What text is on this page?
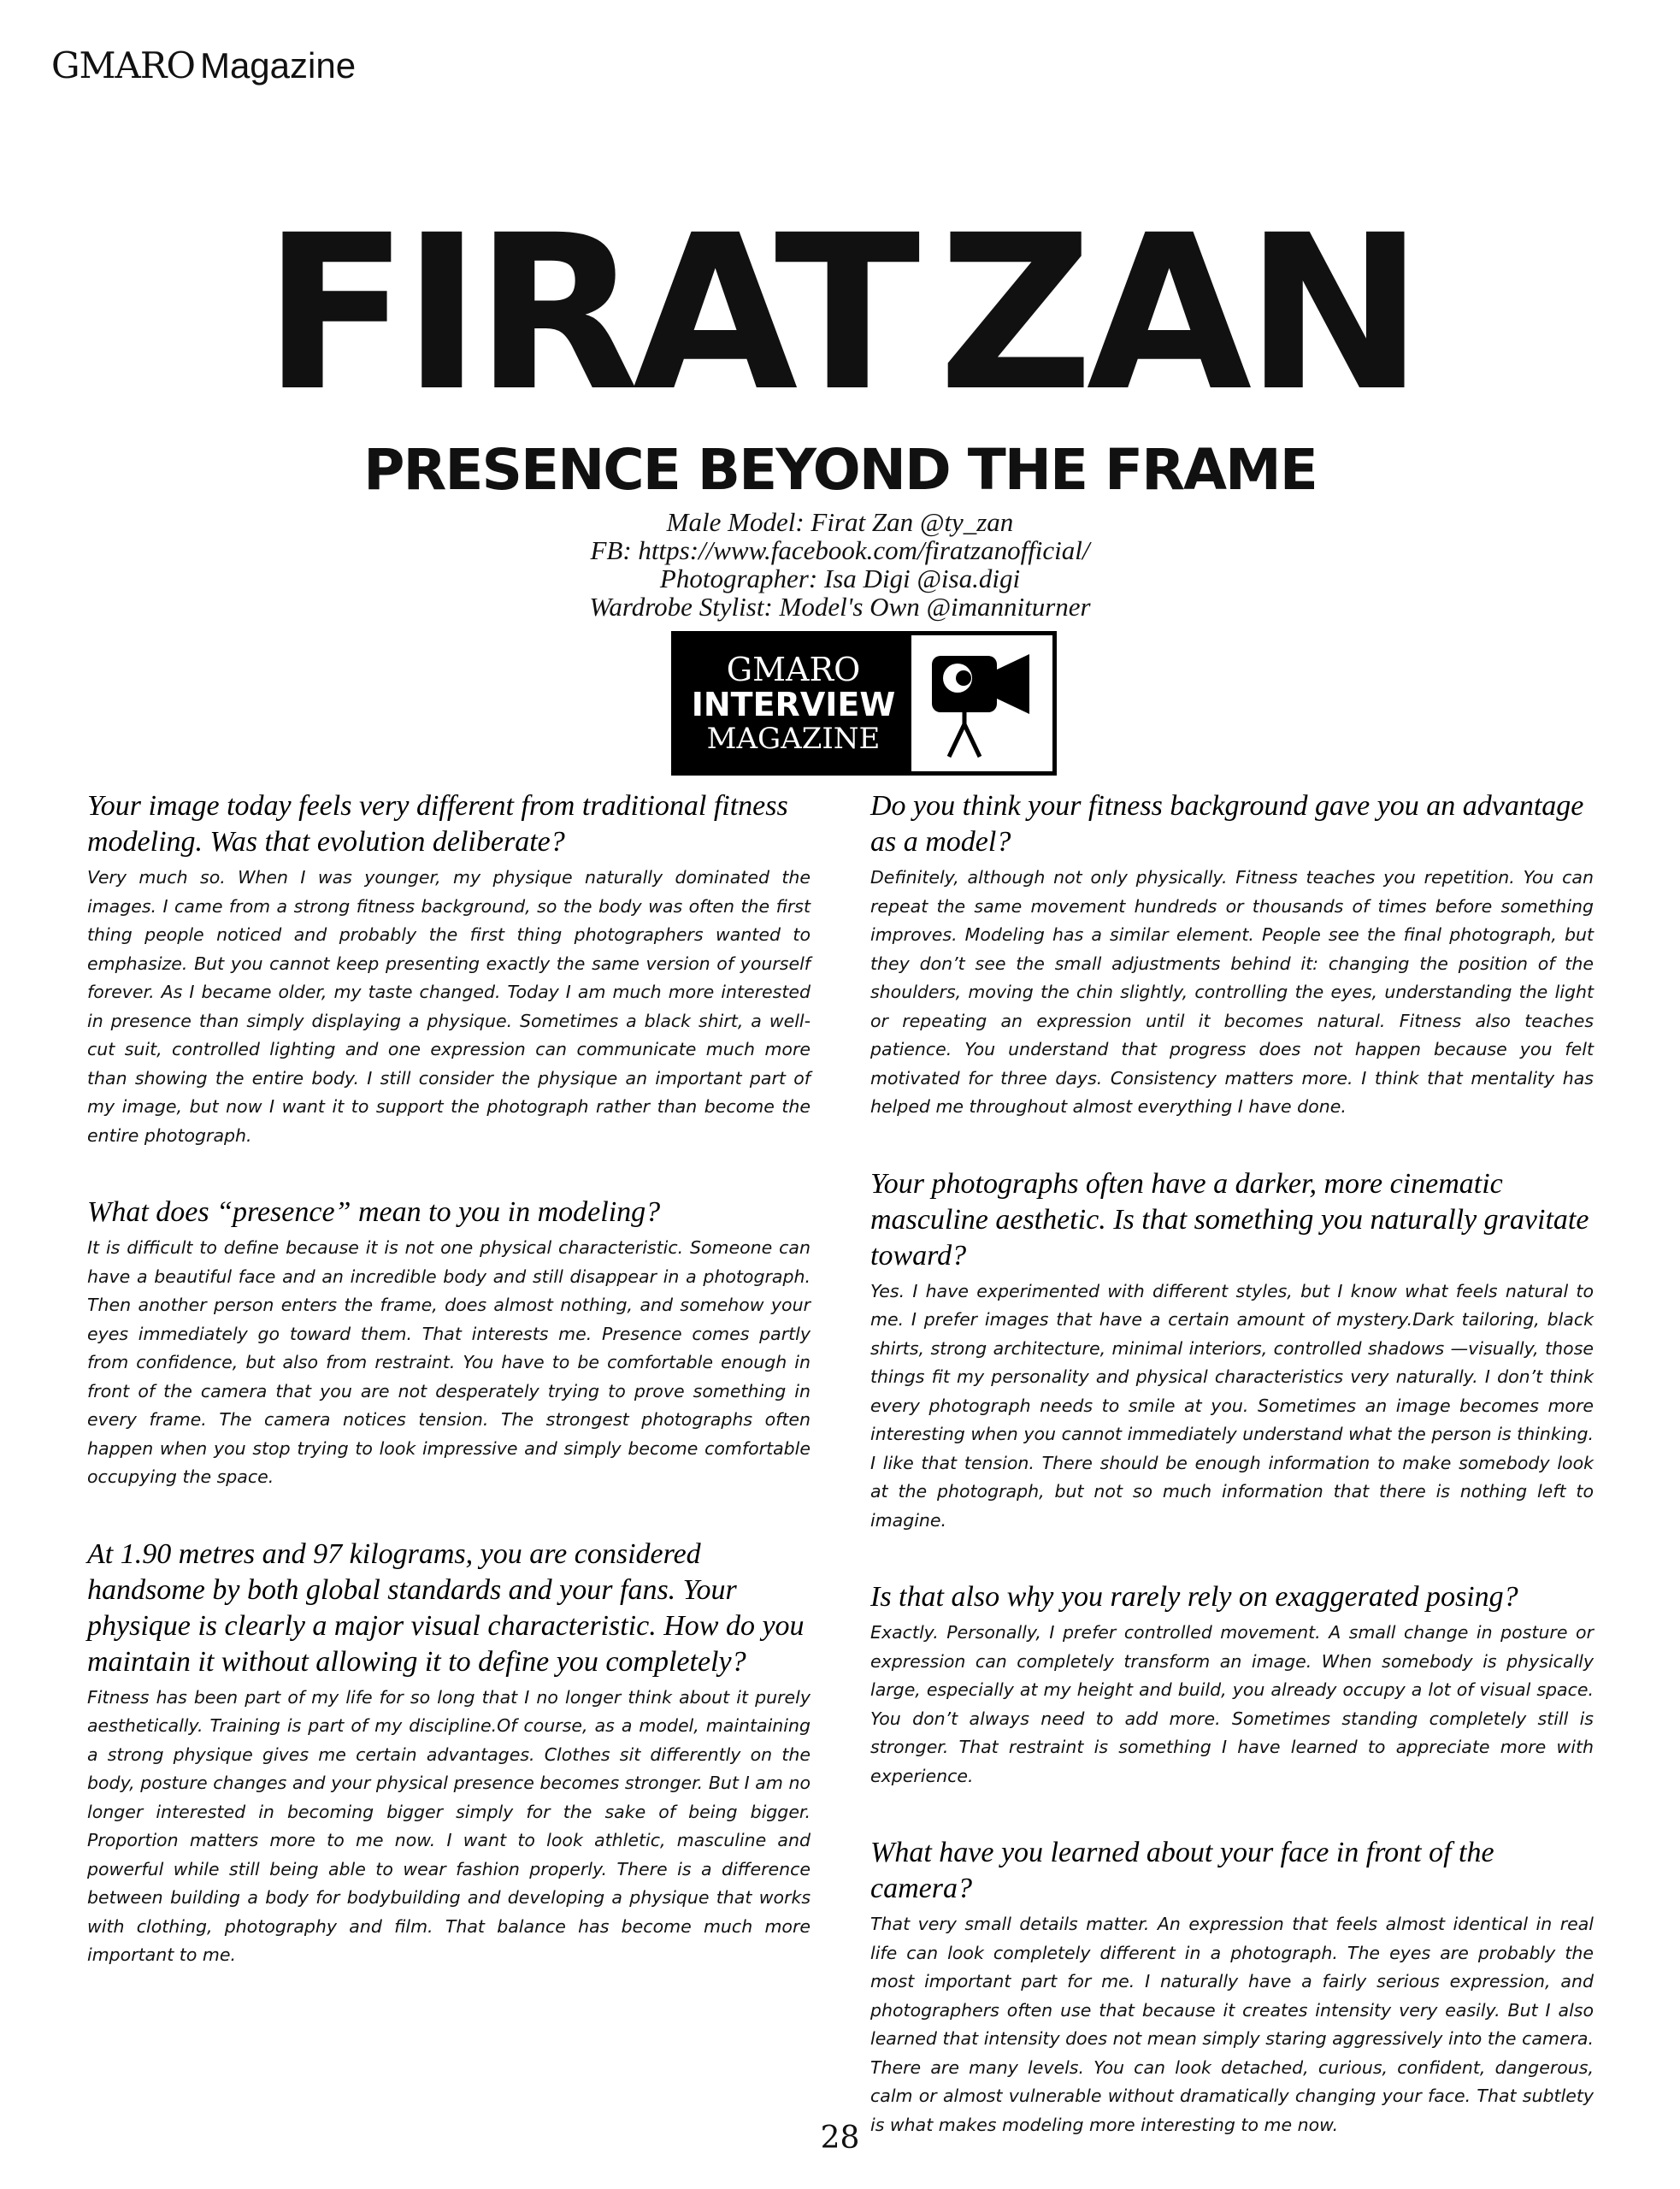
GMARO Magazine
FIRAT ZAN
PRESENCE BEYOND THE FRAME
Male Model: Firat Zan @ty_zan
FB: https://www.facebook.com/firatzanofficial/
Photographer: Isa Digi @isa.digi
Wardrobe Stylist: Model's Own @imanniturner
GMARO
INTERVIEW
MAGAZINE

Your image today feels very different from traditional fitness modeling. Was that evolution deliberate?

Very much so. When I was younger, my physique naturally dominated the images. I came from a strong fitness background, so the body was often the first thing people noticed and probably the first thing photographers wanted to emphasize. But you cannot keep presenting exactly the same version of yourself forever. As I became older, my taste changed. Today I am much more interested in presence than simply displaying a physique. Sometimes a black shirt, a well-cut suit, controlled lighting and one expression can communicate much more than showing the entire body. I still consider the physique an important part of my image, but now I want it to support the photograph rather than become the entire photograph.

What does “presence” mean to you in modeling?

It is difficult to define because it is not one physical characteristic. Someone can have a beautiful face and an incredible body and still disappear in a photograph. Then another person enters the frame, does almost nothing, and somehow your eyes immediately go toward them. That interests me. Presence comes partly from confidence, but also from restraint. You have to be comfortable enough in front of the camera that you are not desperately trying to prove something in every frame. The camera notices tension. The strongest photographs often happen when you stop trying to look impressive and simply become comfortable occupying the space.

At 1.90 metres and 97 kilograms, you are considered handsome by both global standards and your fans. Your physique is clearly a major visual characteristic. How do you maintain it without allowing it to define you completely?

Fitness has been part of my life for so long that I no longer think about it purely aesthetically. Training is part of my discipline.Of course, as a model, maintaining a strong physique gives me certain advantages. Clothes sit differently on the body, posture changes and your physical presence becomes stronger. But I am no longer interested in becoming bigger simply for the sake of being bigger. Proportion matters more to me now. I want to look athletic, masculine and powerful while still being able to wear fashion properly. There is a difference between building a body for bodybuilding and developing a physique that works with clothing, photography and film. That balance has become much more important to me.

Do you think your fitness background gave you an advantage as a model?

Definitely, although not only physically. Fitness teaches you repetition. You can repeat the same movement hundreds or thousands of times before something improves. Modeling has a similar element. People see the final photograph, but they don’t see the small adjustments behind it: changing the position of the shoulders, moving the chin slightly, controlling the eyes, understanding the light or repeating an expression until it becomes natural. Fitness also teaches patience. You understand that progress does not happen because you felt motivated for three days. Consistency matters more. I think that mentality has helped me throughout almost everything I have done.

Your photographs often have a darker, more cinematic masculine aesthetic. Is that something you naturally gravitate toward?

Yes. I have experimented with different styles, but I know what feels natural to me. I prefer images that have a certain amount of mystery.Dark tailoring, black shirts, strong architecture, minimal interiors, controlled shadows —visually, those things fit my personality and physical characteristics very naturally. I don’t think every photograph needs to smile at you. Sometimes an image becomes more interesting when you cannot immediately understand what the person is thinking. I like that tension. There should be enough information to make somebody look at the photograph, but not so much information that there is nothing left to imagine.

Is that also why you rarely rely on exaggerated posing?

Exactly. Personally, I prefer controlled movement. A small change in posture or expression can completely transform an image. When somebody is physically large, especially at my height and build, you already occupy a lot of visual space. You don’t always need to add more. Sometimes standing completely still is stronger. That restraint is something I have learned to appreciate more with experience.

What have you learned about your face in front of the camera?

That very small details matter. An expression that feels almost identical in real life can look completely different in a photograph. The eyes are probably the most important part for me. I naturally have a fairly serious expression, and photographers often use that because it creates intensity very easily. But I also learned that intensity does not mean simply staring aggressively into the camera. There are many levels. You can look detached, curious, confident, dangerous, calm or almost vulnerable without dramatically changing your face. That subtlety is what makes modeling more interesting to me now.

28
